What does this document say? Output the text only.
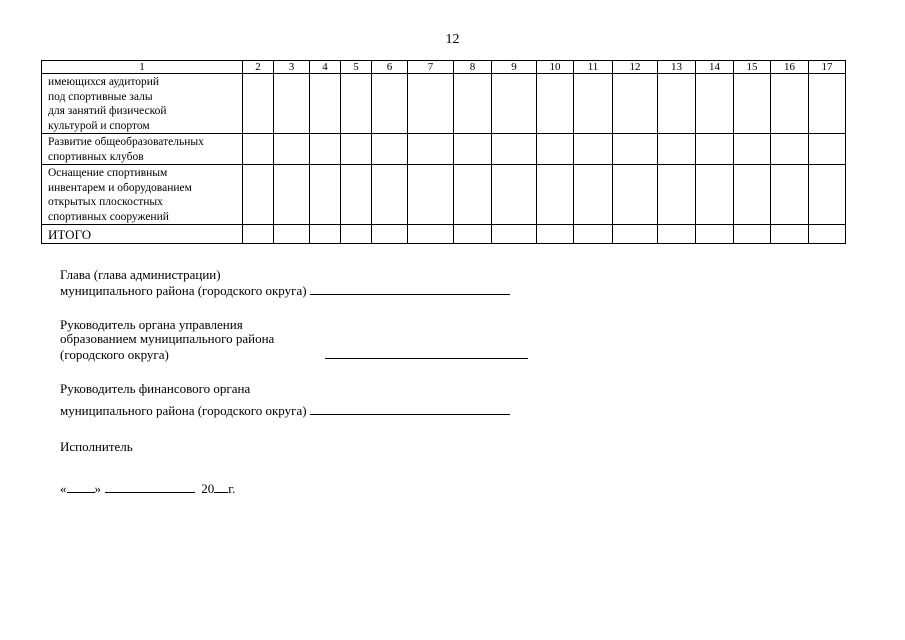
12
1	2	3	4	5	6	7	8	9	10	11	12	13	14	15	16	17

имеющихся аудиторий
под спортивные залы
для занятий физической
культурой и спортом																

Развитие общеобразовательных
спортивных клубов																

Оснащение спортивным
инвентарем и оборудованием
открытых плоскостных
спортивных сооружений																

ИТОГО																
Глава (глава администрации)
муниципального района (городского округа)
Руководитель органа управления
образованием муниципального района
(городского округа)
Руководитель финансового органа
муниципального района (городского округа)
Исполнитель
« »	20 г.
